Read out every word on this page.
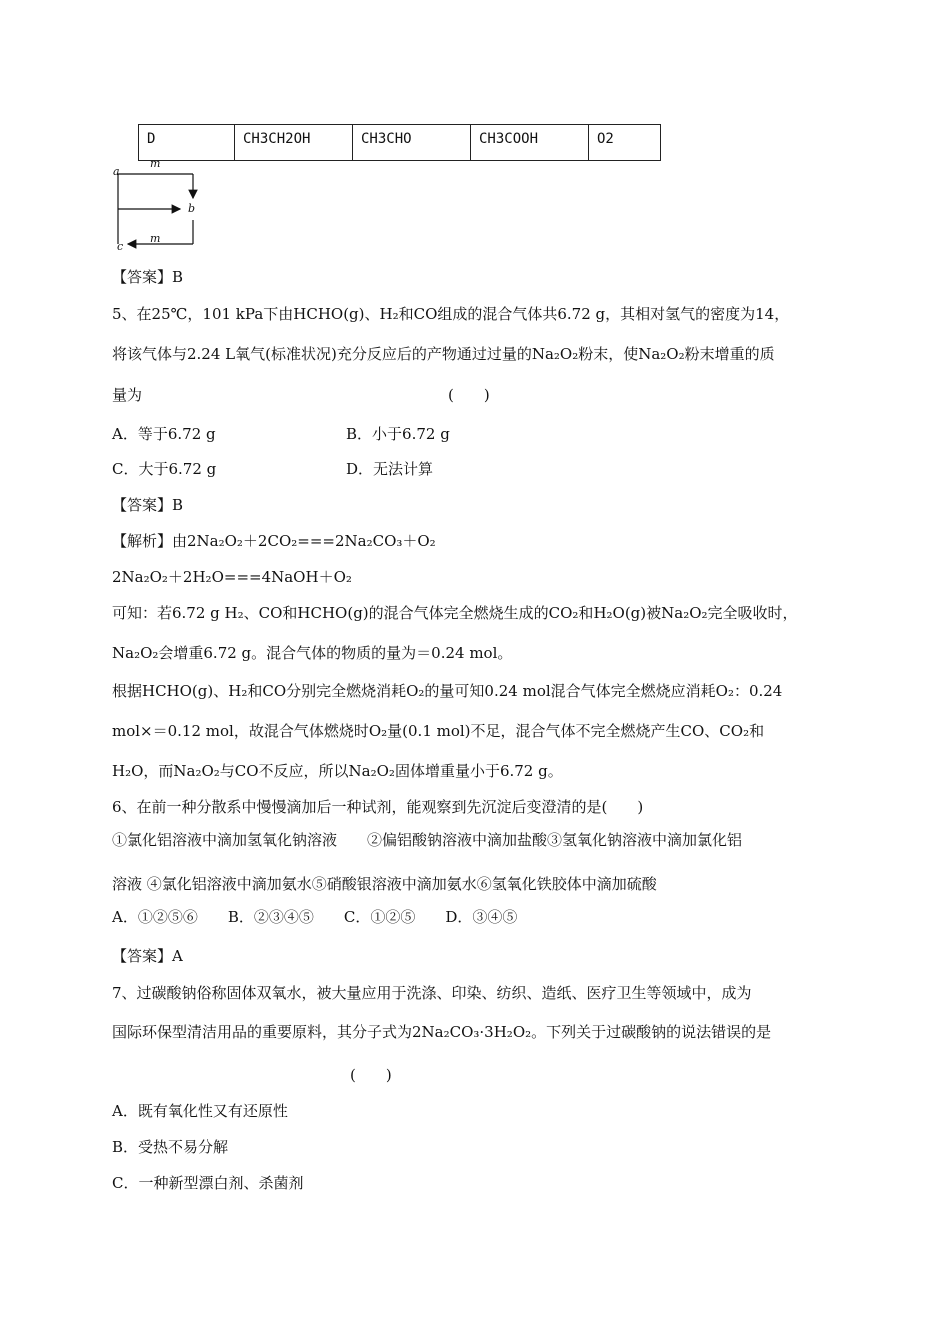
D	CH3CH2OH	CH3CHO	CH3COOH	O2
a
m
b
c
m
【答案】B
5、在25℃，101 kPa下由HCHO(g)、H₂和CO组成的混合气体共6.72 g，其相对氢气的密度为14，
将该气体与2.24 L氧气(标准状况)充分反应后的产物通过过量的Na₂O₂粉末，使Na₂O₂粉末增重的质
量为	(　　)
A．等于6.72 g	B．小于6.72 g
C．大于6.72 g	D．无法计算
【答案】B
【解析】由2Na₂O₂＋2CO₂===2Na₂CO₃＋O₂
2Na₂O₂＋2H₂O===4NaOH＋O₂
可知：若6.72 g H₂、CO和HCHO(g)的混合气体完全燃烧生成的CO₂和H₂O(g)被Na₂O₂完全吸收时，
Na₂O₂会增重6.72 g。混合气体的物质的量为＝0.24 mol。
根据HCHO(g)、H₂和CO分别完全燃烧消耗O₂的量可知0.24 mol混合气体完全燃烧应消耗O₂：0.24
mol×＝0.12 mol，故混合气体燃烧时O₂量(0.1 mol)不足，混合气体不完全燃烧产生CO、CO₂和
H₂O，而Na₂O₂与CO不反应，所以Na₂O₂固体增重量小于6.72 g。
6、在前一种分散系中慢慢滴加后一种试剂，能观察到先沉淀后变澄清的是(　　)
①氯化铝溶液中滴加氢氧化钠溶液　　②偏铝酸钠溶液中滴加盐酸③氢氧化钠溶液中滴加氯化铝
溶液 ④氯化铝溶液中滴加氨水⑤硝酸银溶液中滴加氨水⑥氢氧化铁胶体中滴加硫酸
A．①②⑤⑥　　B．②③④⑤　　C．①②⑤　　D．③④⑤
【答案】A
7、过碳酸钠俗称固体双氧水，被大量应用于洗涤、印染、纺织、造纸、医疗卫生等领域中，成为
国际环保型清洁用品的重要原料，其分子式为2Na₂CO₃·3H₂O₂。下列关于过碳酸钠的说法错误的是
(　　)
A．既有氧化性又有还原性
B．受热不易分解
C．一种新型漂白剂、杀菌剂
